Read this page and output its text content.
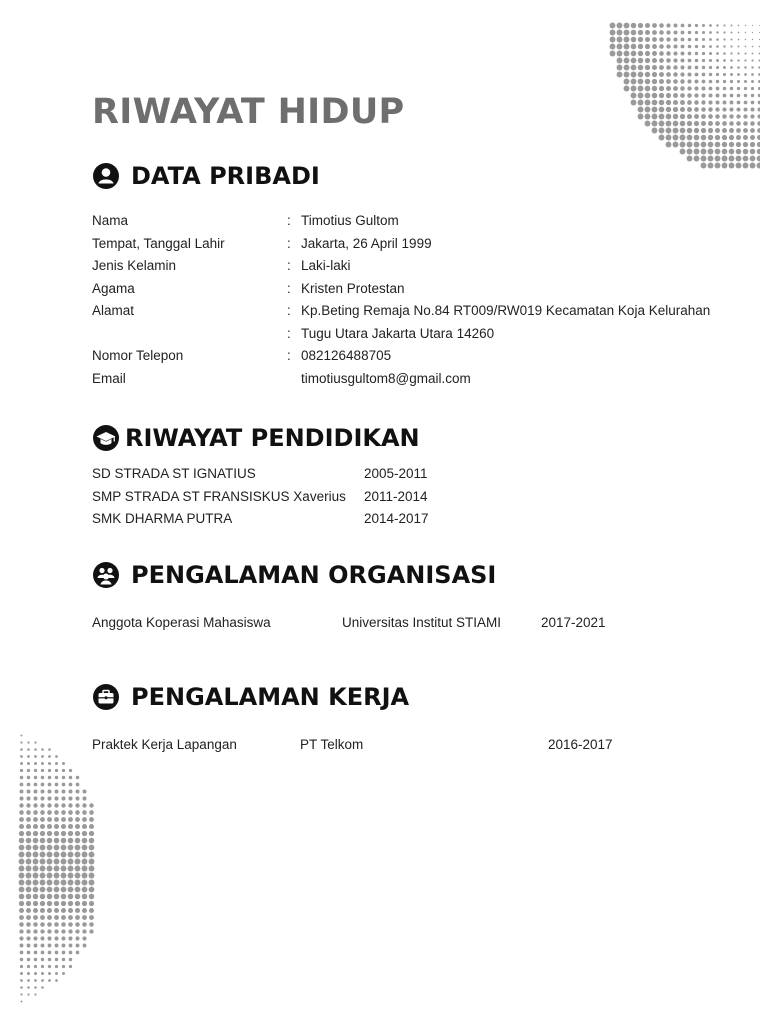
RIWAYAT HIDUP
DATA PRIBADI
Nama	: Timotius Gultom
Tempat, Tanggal Lahir	: Jakarta, 26 April 1999
Jenis Kelamin	: Laki-laki
Agama	: Kristen Protestan
Alamat	: Kp.Beting Remaja No.84 RT009/RW019 Kecamatan Koja Kelurahan
: Tugu Utara Jakarta Utara 14260
Nomor Telepon	: 082126488705
Email	timotiusgultom8@gmail.com
RIWAYAT PENDIDIKAN
SD STRADA ST IGNATIUS	2005-2011
SMP STRADA ST FRANSISKUS Xaverius 2011-2014
SMK DHARMA PUTRA	2014-2017
PENGALAMAN ORGANISASI
Anggota Koperasi Mahasiswa	Universitas Institut STIAMI	2017-2021
PENGALAMAN KERJA
Praktek Kerja Lapangan	PT Telkom	2016-2017
